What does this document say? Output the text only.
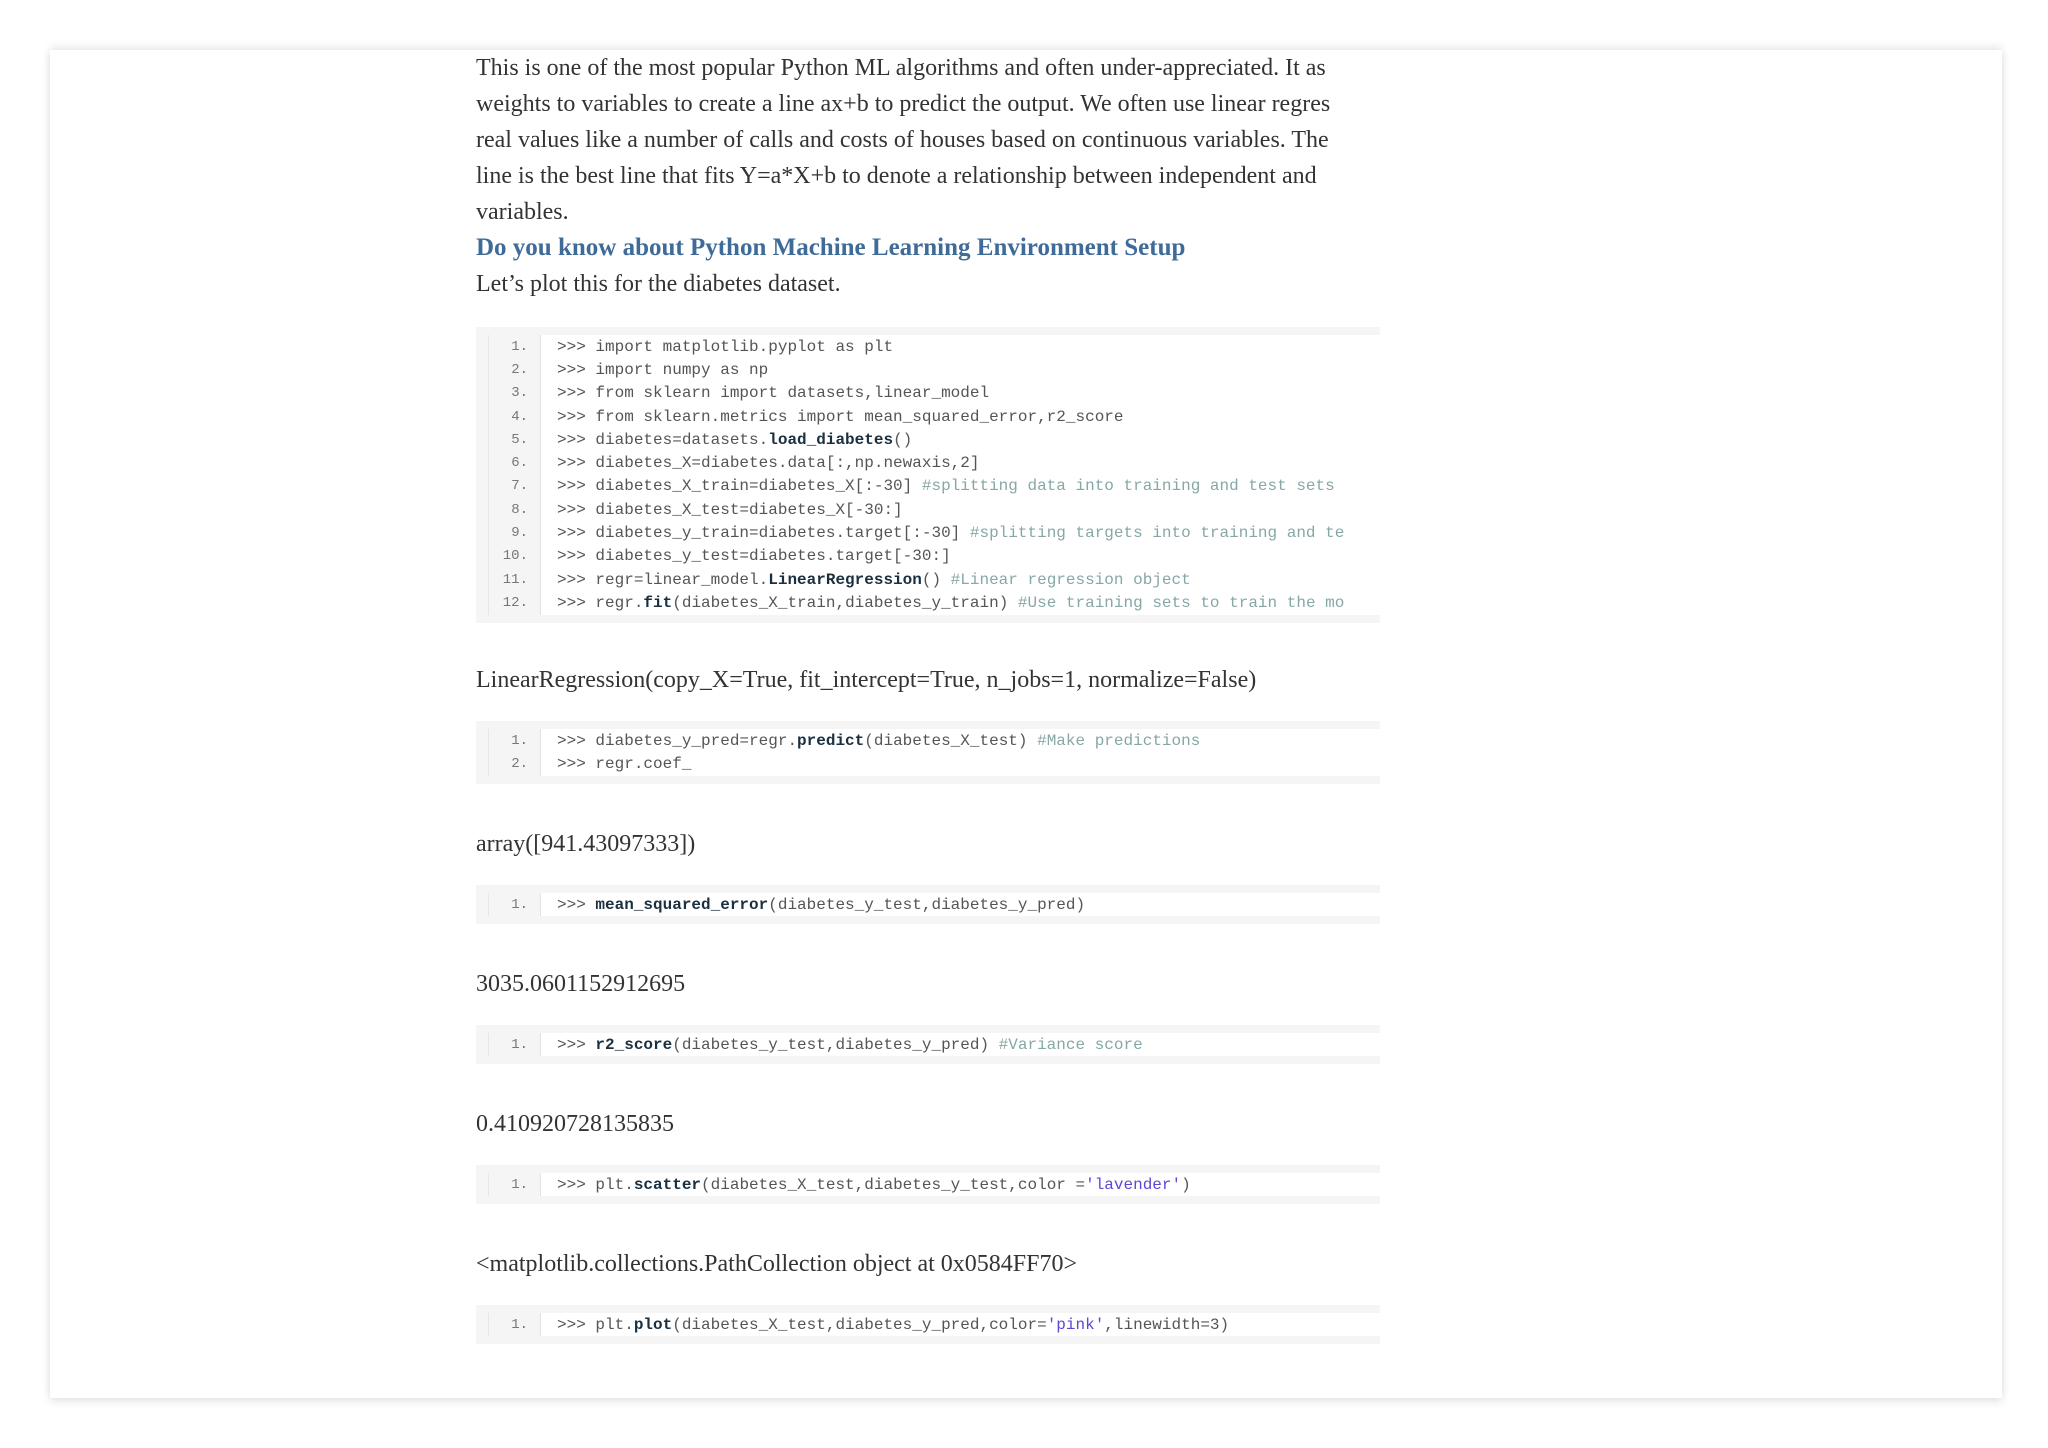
This is one of the most popular Python ML algorithms and often under-appreciated. It as
weights to variables to create a line ax+b to predict the output. We often use linear regres
real values like a number of calls and costs of houses based on continuous variables. The
line is the best line that fits Y=a*X+b to denote a relationship between independent and
variables.
Do you know about Python Machine Learning Environment Setup

Let’s plot this for the diabetes dataset.

1.	>>> import matplotlib.pyplot as plt
2.	>>> import numpy as np
3.	>>> from sklearn import datasets,linear_model
4.	>>> from sklearn.metrics import mean_squared_error,r2_score
5.	>>> diabetes=datasets.load_diabetes()
6.	>>> diabetes_X=diabetes.data[:,np.newaxis,2]
7.	>>> diabetes_X_train=diabetes_X[:-30] #splitting data into training and test sets
8.	>>> diabetes_X_test=diabetes_X[-30:]
9.	>>> diabetes_y_train=diabetes.target[:-30] #splitting targets into training and te
10.	>>> diabetes_y_test=diabetes.target[-30:]
11.	>>> regr=linear_model.LinearRegression() #Linear regression object
12.	>>> regr.fit(diabetes_X_train,diabetes_y_train) #Use training sets to train the mo
LinearRegression(copy_X=True, fit_intercept=True, n_jobs=1, normalize=False)
1.	>>> diabetes_y_pred=regr.predict(diabetes_X_test) #Make predictions
2.	>>> regr.coef_
array([941.43097333])
1.	>>> mean_squared_error(diabetes_y_test,diabetes_y_pred)
3035.0601152912695
1.	>>> r2_score(diabetes_y_test,diabetes_y_pred) #Variance score
0.410920728135835
1.	>>> plt.scatter(diabetes_X_test,diabetes_y_test,color ='lavender')
<matplotlib.collections.PathCollection object at 0x0584FF70>
1.	>>> plt.plot(diabetes_X_test,diabetes_y_pred,color='pink',linewidth=3)
